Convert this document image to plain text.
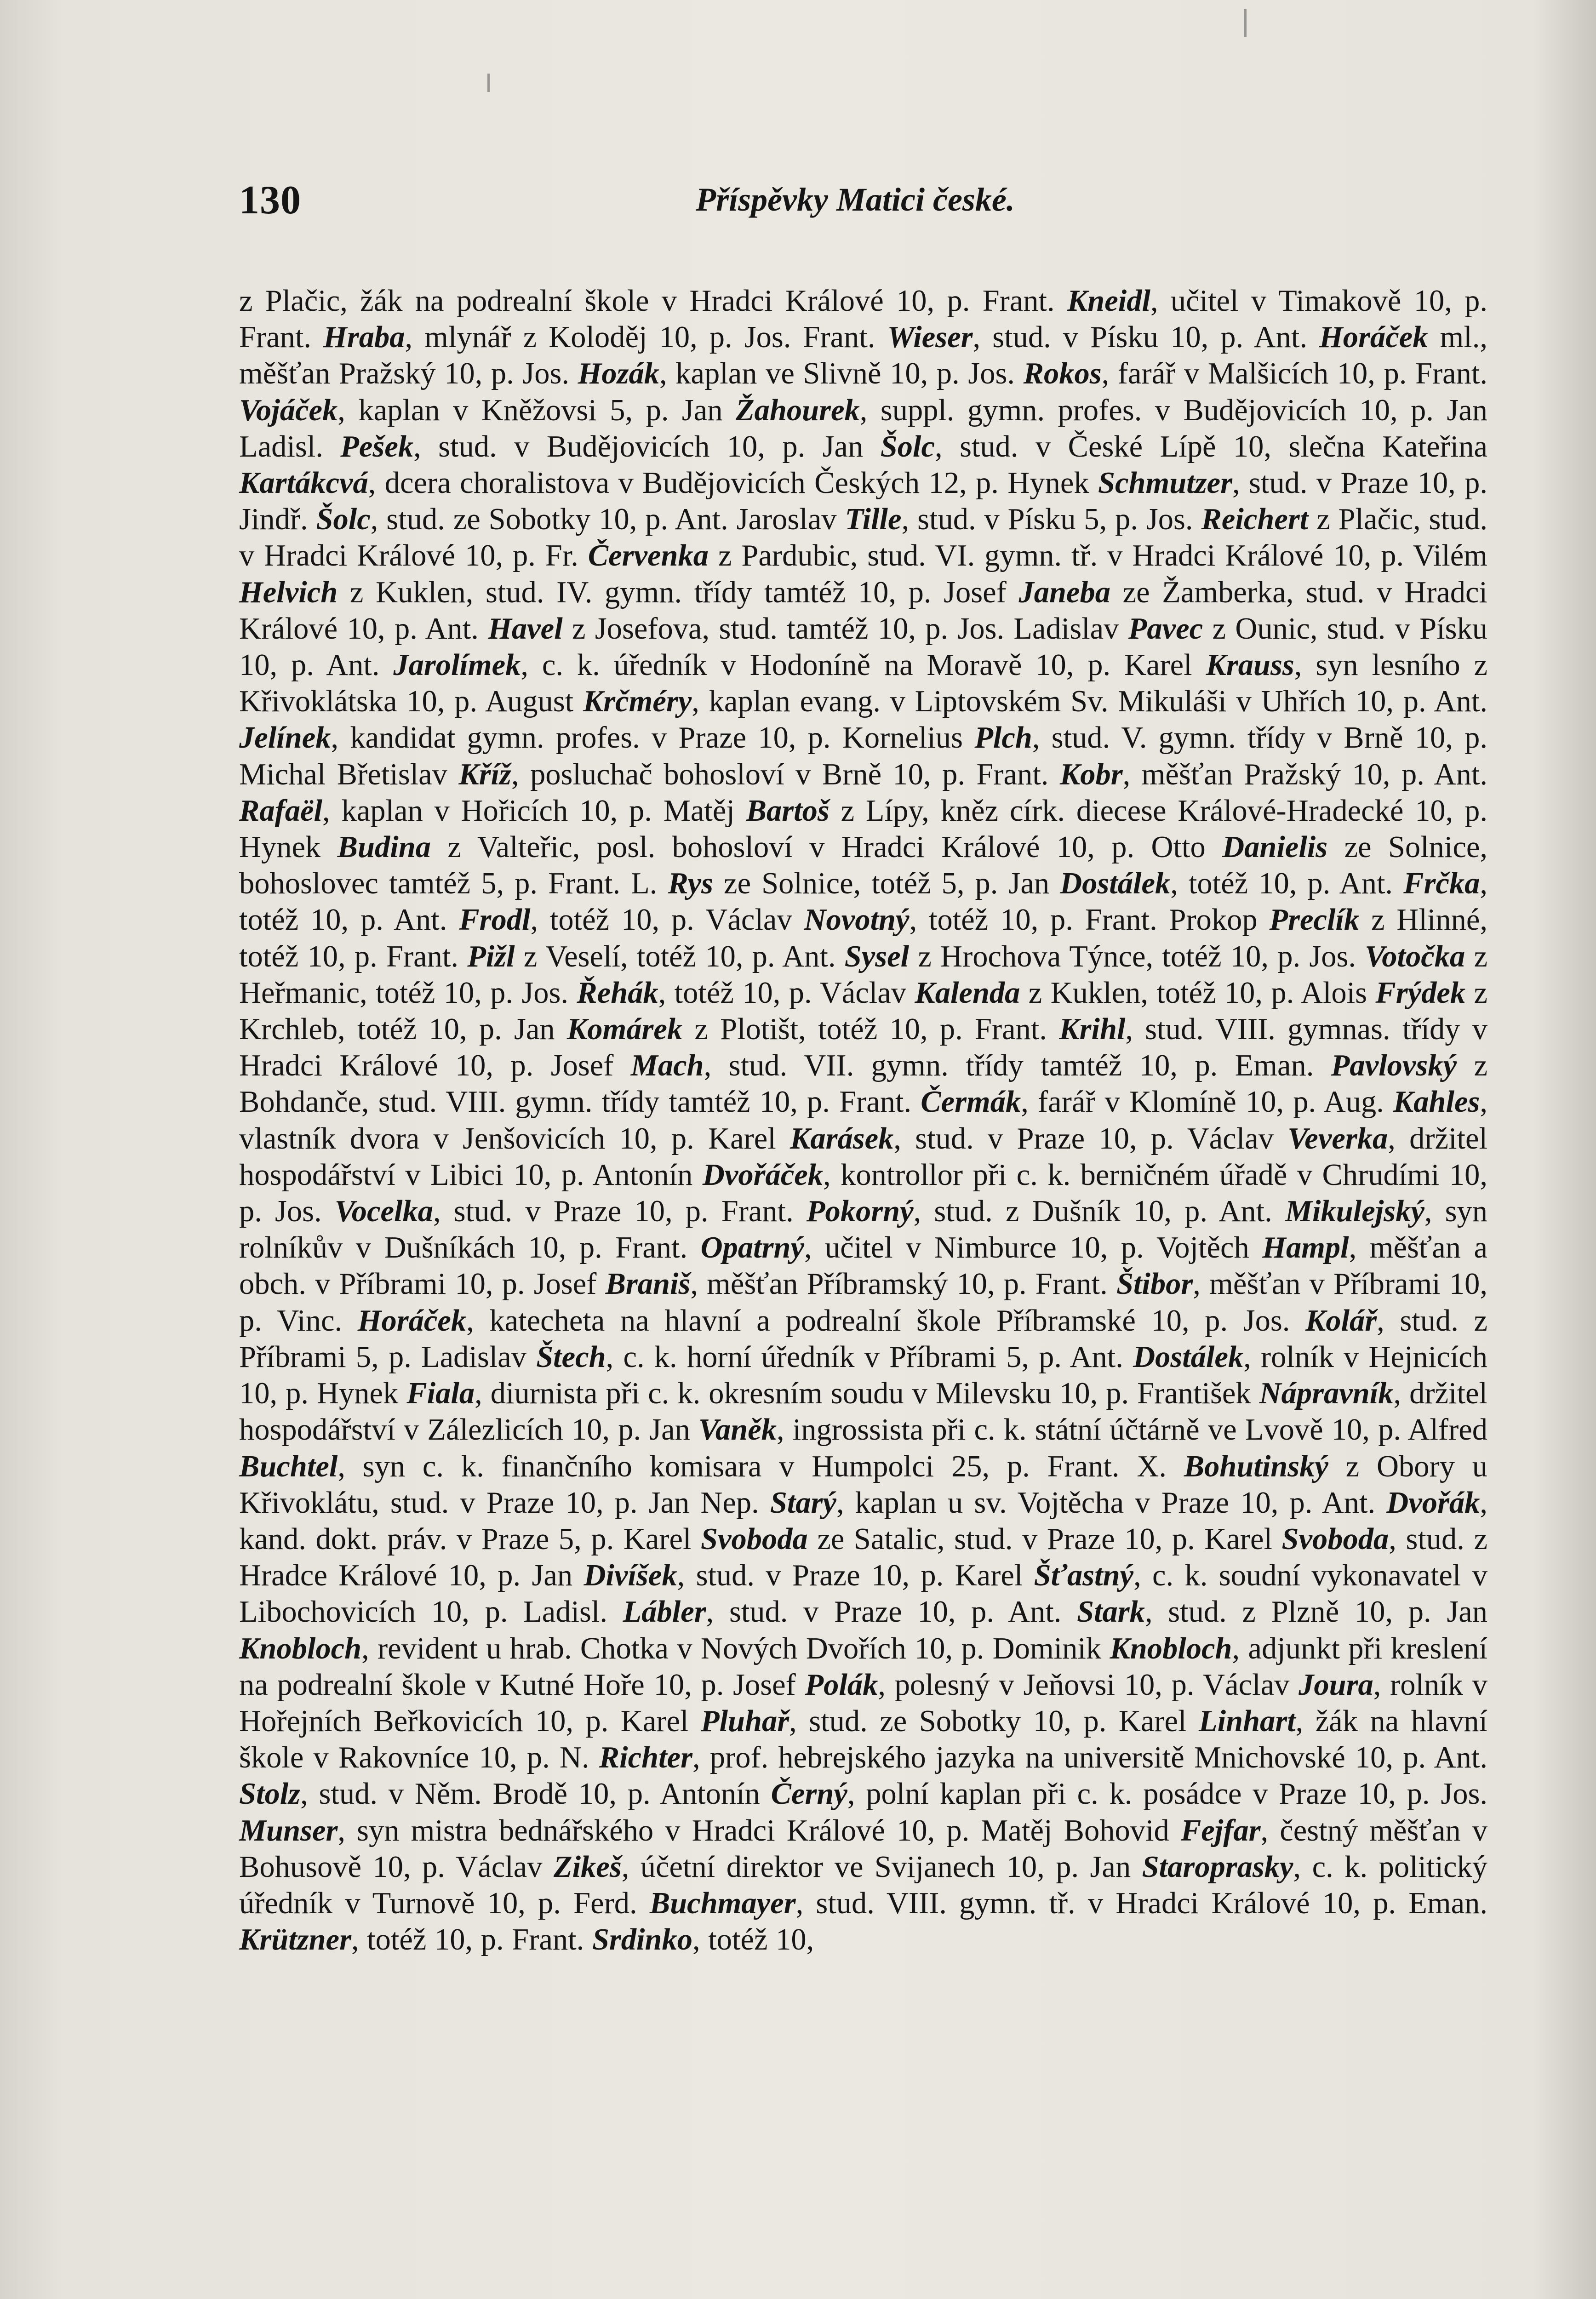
130	Příspěvky Matici české.
z Plačic, žák na podrealní škole v Hradci Králové 10, p. Frant. Kneidl, učitel v Timakově 10, p. Frant. Hraba, mlynář z Koloděj 10, p. Jos. Frant. Wieser, stud. v Písku 10, p. Ant. Horáček ml., měšťan Pražský 10, p. Jos. Hozák, kaplan ve Slivně 10, p. Jos. Rokos, farář v Malšicích 10, p. Frant. Vojáček, kaplan v Kněžovsi 5, p. Jan Žahourek, suppl. gymn. profes. v Budějovicích 10, p. Jan Ladisl. Pešek, stud. v Budějovicích 10, p. Jan Šolc, stud. v České Lípě 10, slečna Kateřina Kartákcvá, dcera choralistova v Budějovicích Českých 12, p. Hynek Schmutzer, stud. v Praze 10, p. Jindř. Šolc, stud. ze Sobotky 10, p. Ant. Jaroslav Tille, stud. v Písku 5, p. Jos. Reichert z Plačic, stud. v Hradci Králové 10, p. Fr. Červenka z Pardubic, stud. VI. gymn. tř. v Hradci Králové 10, p. Vilém Helvich z Kuklen, stud. IV. gymn. třídy tamtéž 10, p. Josef Janeba ze Žamberka, stud. v Hradci Králové 10, p. Ant. Havel z Josefova, stud. tamtéž 10, p. Jos. Ladislav Pavec z Ounic, stud. v Písku 10, p. Ant. Jarolímek, c. k. úředník v Hodoníně na Moravě 10, p. Karel Krauss, syn lesního z Křivoklátska 10, p. August Krčméry, kaplan evang. v Liptovském Sv. Mikuláši v Uhřích 10, p. Ant. Jelínek, kandidat gymn. profes. v Praze 10, p. Kornelius Plch, stud. V. gymn. třídy v Brně 10, p. Michal Břetislav Kříž, posluchač bohosloví v Brně 10, p. Frant. Kobr, měšťan Pražský 10, p. Ant. Rafaël, kaplan v Hořicích 10, p. Matěj Bartoš z Lípy, kněz círk. diecese Králové-Hradecké 10, p. Hynek Budina z Valteřic, posl. bohosloví v Hradci Králové 10, p. Otto Danielis ze Solnice, bohoslovec tamtéž 5, p. Frant. L. Rys ze Solnice, totéž 5, p. Jan Dostálek, totéž 10, p. Ant. Frčka, totéž 10, p. Ant. Frodl, totéž 10, p. Václav Novotný, totéž 10, p. Frant. Prokop Preclík z Hlinné, totéž 10, p. Frant. Pižl z Veselí, totéž 10, p. Ant. Sysel z Hrochova Týnce, totéž 10, p. Jos. Votočka z Heřmanic, totéž 10, p. Jos. Řehák, totéž 10, p. Václav Kalenda z Kuklen, totéž 10, p. Alois Frýdek z Krchleb, totéž 10, p. Jan Komárek z Plotišt, totéž 10, p. Frant. Krihl, stud. VIII. gymnas. třídy v Hradci Králové 10, p. Josef Mach, stud. VII. gymn. třídy tamtéž 10, p. Eman. Pavlovský z Bohdanče, stud. VIII. gymn. třídy tamtéž 10, p. Frant. Čermák, farář v Klomíně 10, p. Aug. Kahles, vlastník dvora v Jenšovicích 10, p. Karel Karásek, stud. v Praze 10, p. Václav Veverka, držitel hospodářství v Libici 10, p. Antonín Dvořáček, kontrollor při c. k. berničném úřadě v Chrudími 10, p. Jos. Vocelka, stud. v Praze 10, p. Frant. Pokorný, stud. z Dušník 10, p. Ant. Mikulejský, syn rolníkův v Dušníkách 10, p. Frant. Opatrný, učitel v Nimburce 10, p. Vojtěch Hampl, měšťan a obch. v Příbrami 10, p. Josef Braniš, měšťan Příbramský 10, p. Frant. Štibor, měšťan v Příbrami 10, p. Vinc. Horáček, katecheta na hlavní a podrealní škole Příbramské 10, p. Jos. Kolář, stud. z Příbrami 5, p. Ladislav Štech, c. k. horní úředník v Příbrami 5, p. Ant. Dostálek, rolník v Hejnicích 10, p. Hynek Fiala, diurnista při c. k. okresním soudu v Milevsku 10, p. František Nápravník, držitel hospodářství v Zálezlicích 10, p. Jan Vaněk, ingrossista při c. k. státní účtárně ve Lvově 10, p. Alfred Buchtel, syn c. k. finančního komisara v Humpolci 25, p. Frant. X. Bohutinský z Obory u Křivoklátu, stud. v Praze 10, p. Jan Nep. Starý, kaplan u sv. Vojtěcha v Praze 10, p. Ant. Dvořák, kand. dokt. práv. v Praze 5, p. Karel Svoboda ze Satalic, stud. v Praze 10, p. Karel Svoboda, stud. z Hradce Králové 10, p. Jan Divíšek, stud. v Praze 10, p. Karel Šťastný, c. k. soudní vykonavatel v Libochovicích 10, p. Ladisl. Lábler, stud. v Praze 10, p. Ant. Stark, stud. z Plzně 10, p. Jan Knobloch, revident u hrab. Chotka v Nových Dvořích 10, p. Dominik Knobloch, adjunkt při kreslení na podrealní škole v Kutné Hoře 10, p. Josef Polák, polesný v Jeňovsi 10, p. Václav Joura, rolník v Hořejních Beřkovicích 10, p. Karel Pluhař, stud. ze Sobotky 10, p. Karel Linhart, žák na hlavní škole v Rakovníce 10, p. N. Richter, prof. hebrejského jazyka na universitě Mnichovské 10, p. Ant. Stolz, stud. v Něm. Brodě 10, p. Antonín Černý, polní kaplan při c. k. posádce v Praze 10, p. Jos. Munser, syn mistra bednářského v Hradci Králové 10, p. Matěj Bohovid Fejfar, čestný měšťan v Bohusově 10, p. Václav Zikeš, účetní direktor ve Svijanech 10, p. Jan Staroprasky, c. k. politický úředník v Turnově 10, p. Ferd. Buchmayer, stud. VIII. gymn. tř. v Hradci Králové 10, p. Eman. Krützner, totéž 10, p. Frant. Srdinko, totéž 10,
